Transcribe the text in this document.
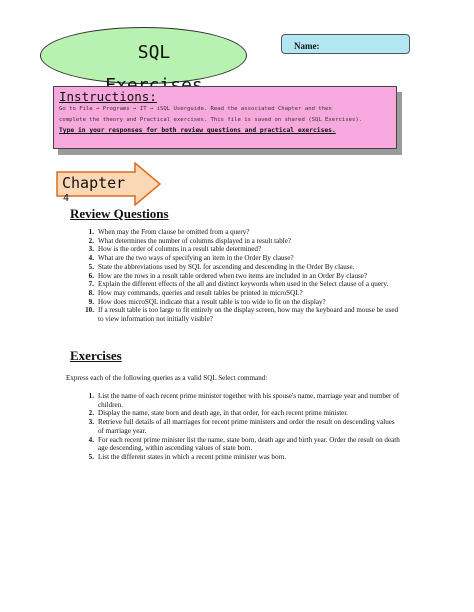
SQL	Name:
Instructions:
Go to File → Programs → IT → iSQL Userguide. Read the associated Chapter and then
complete the theory and Practical exercises. This file is saved on shared (SQL Exercises).
Type in your responses for both review questions and practical exercises.
Chapter
4
Review Questions
1. When may the From clause be omitted from a query?
2. What determines the number of columns displayed in a result table?
3. How is the order of columns in a result table determined?
4. What are the two ways of specifying an item in the Order By clause?
5. State the abbreviations used by SQL for ascending and descending in the Order By clause.
6. How are the rows in a result table ordered when two items are included in an Order By clause?
7. Explain the different effects of the all and distinct keywords when used in the Select clause of a query.
8. How may commands, queries and result tables be printed in microSQL?
9. How does microSQL indicate that a result table is too wide to fit on the display?
10. If a result table is too large to fit entirely on the display screen, how may the keyboard and mouse be used to view information not initially visible?
Exercises
Express each of the following queries as a valid SQL Select command:
1. List the name of each recent prime minister together with his spouse's name, marriage year and number of children.
2. Display the name, state born and death age, in that order, for each recent prime minister.
3. Retrieve full details of all marriages for recent prime ministers and order the result on descending values of marriage year.
4. For each recent prime minister list the name, state born, death age and birth year. Order the result on death age descending, within ascending values of state born.
5. List the different states in which a recent prime minister was born.
